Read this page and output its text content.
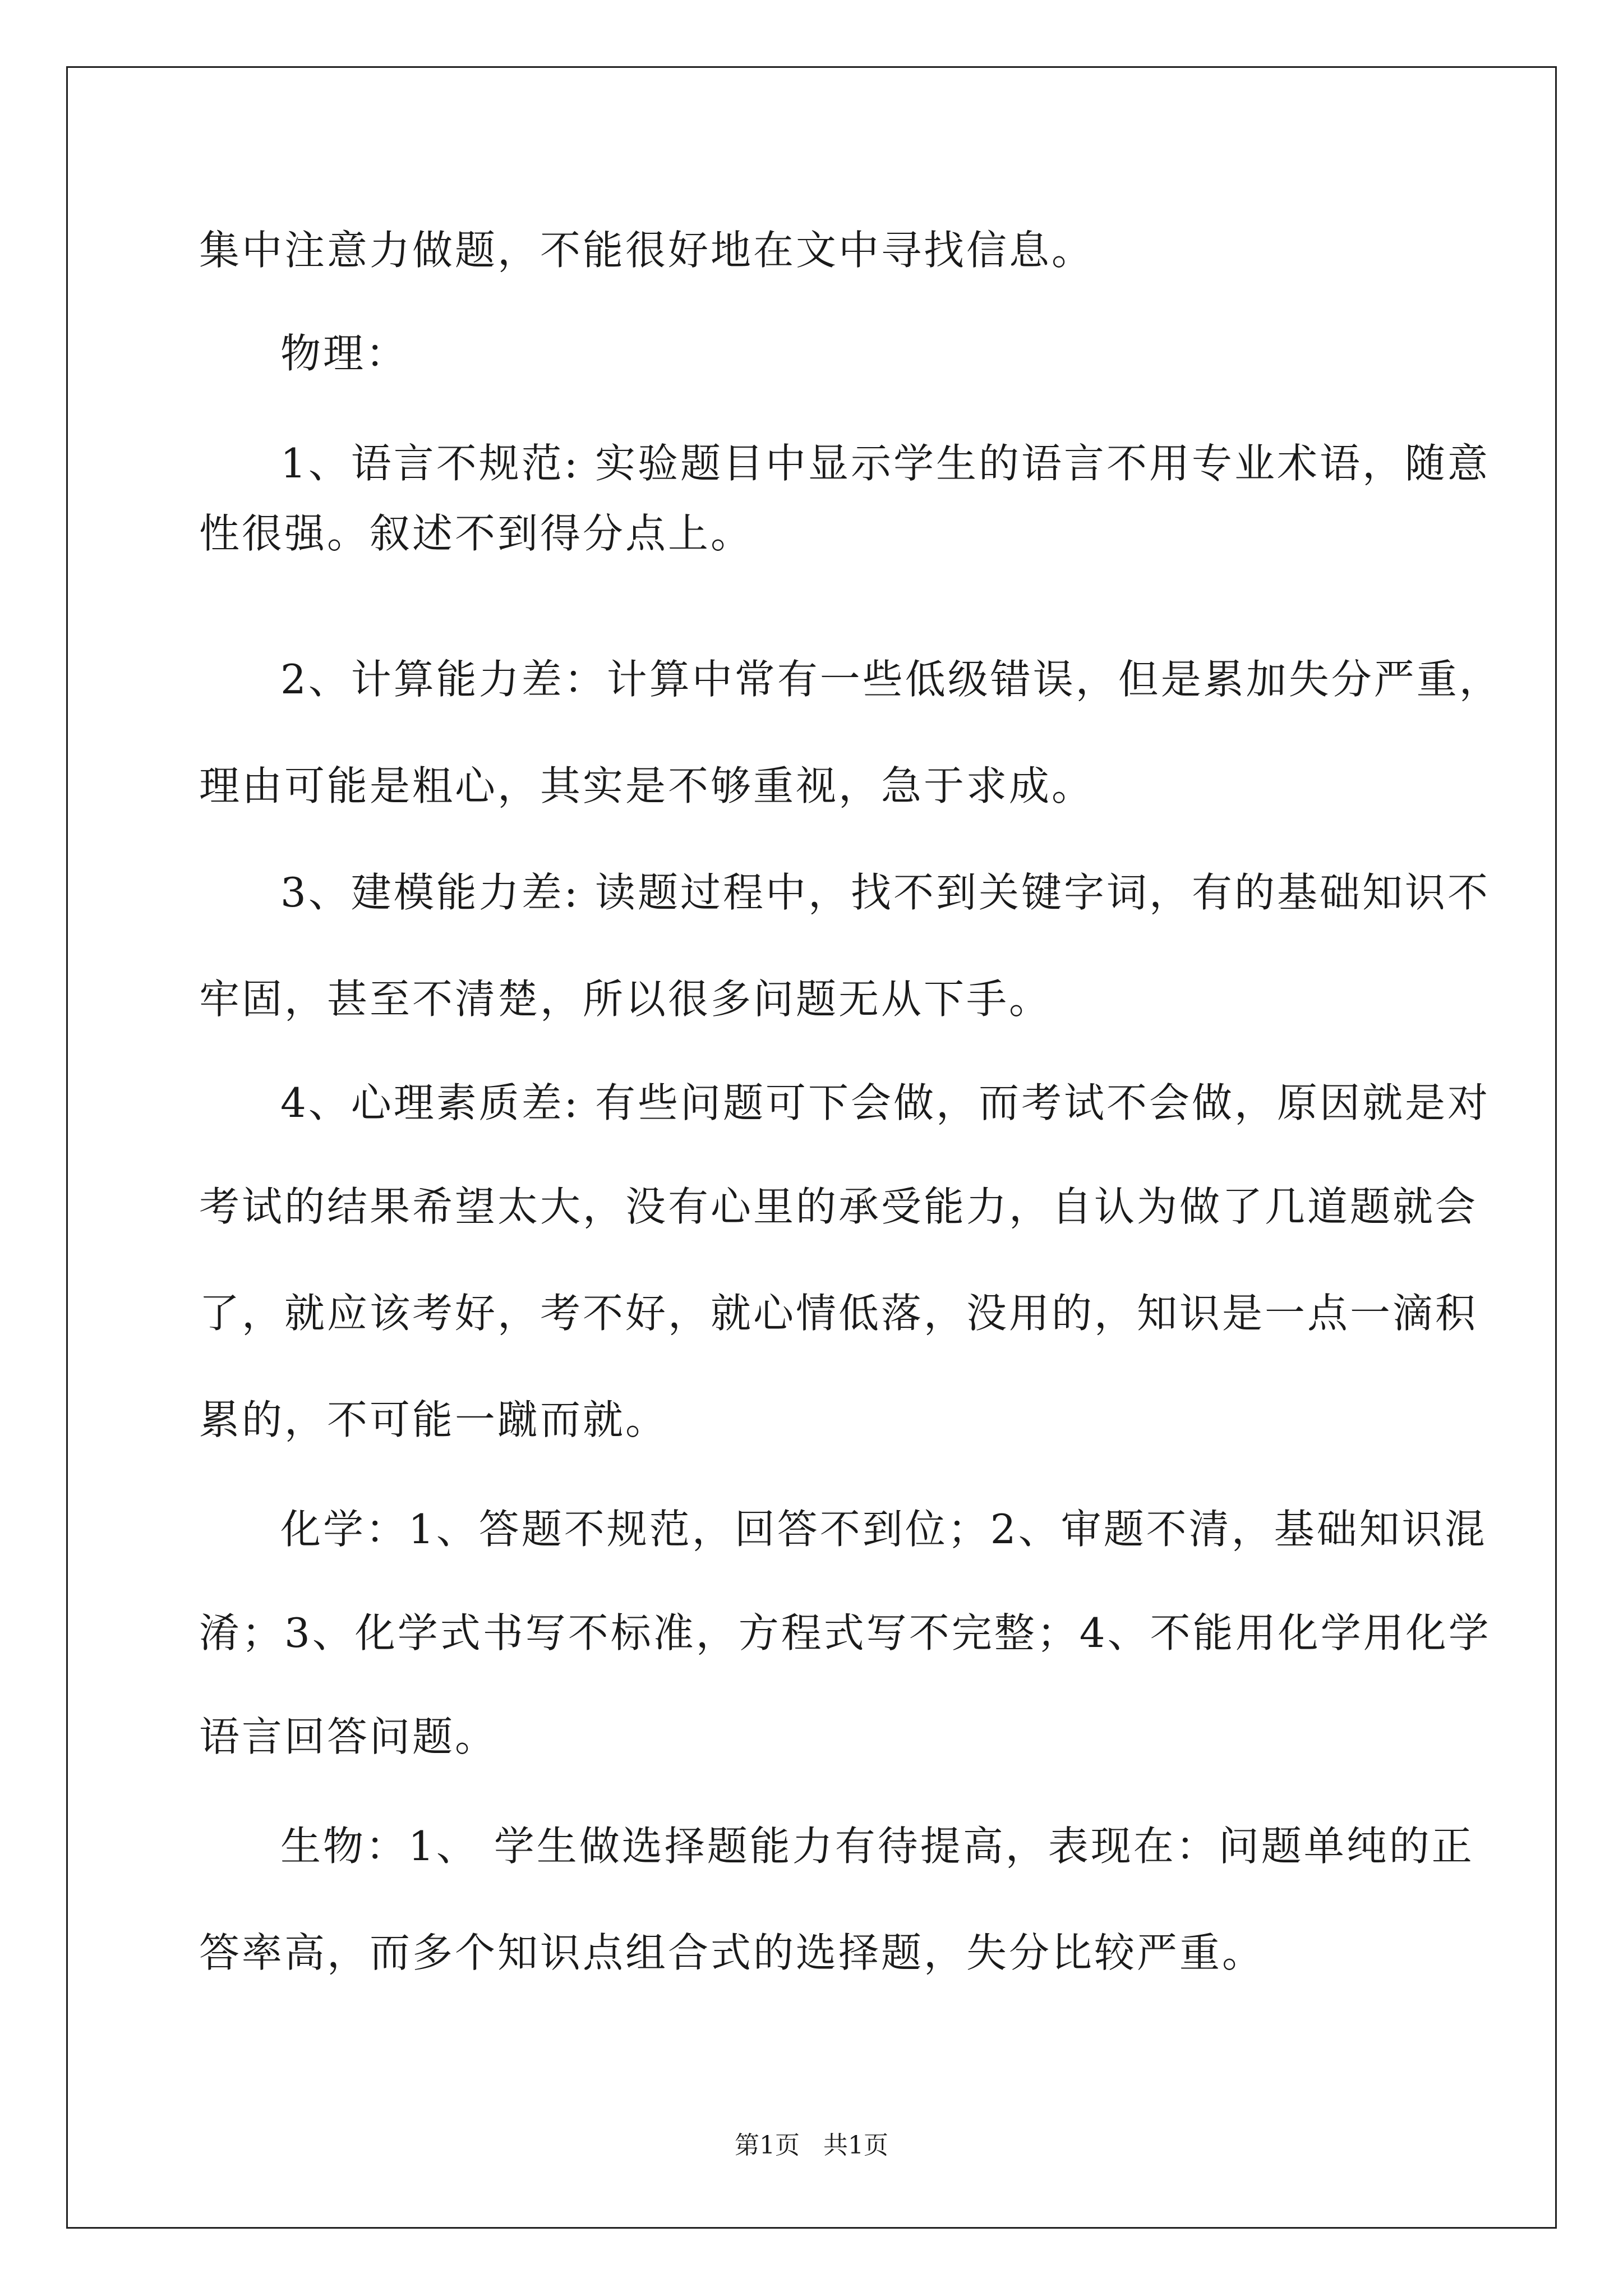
集中注意力做题，不能很好地在文中寻找信息。
物理：
1、语言不规范: 实验题目中显示学生的语言不用专业术语，随意
性很强。叙述不到得分点上。
2、计算能力差：计算中常有一些低级错误，但是累加失分严重，
理由可能是粗心，其实是不够重视，急于求成。
3、建模能力差: 读题过程中，找不到关键字词，有的基础知识不
牢固，甚至不清楚，所以很多问题无从下手。
4、心理素质差: 有些问题可下会做，而考试不会做，原因就是对
考试的结果希望太大，没有心里的承受能力，自认为做了几道题就会
了，就应该考好，考不好，就心情低落，没用的，知识是一点一滴积
累的，不可能一蹴而就。
化学：1、答题不规范，回答不到位；2、审题不清，基础知识混
淆；3、化学式书写不标准，方程式写不完整；4、不能用化学用化学
语言回答问题。
生物：1、 学生做选择题能力有待提高，表现在：问题单纯的正
答率高，而多个知识点组合式的选择题，失分比较严重。
第1页   共1页
